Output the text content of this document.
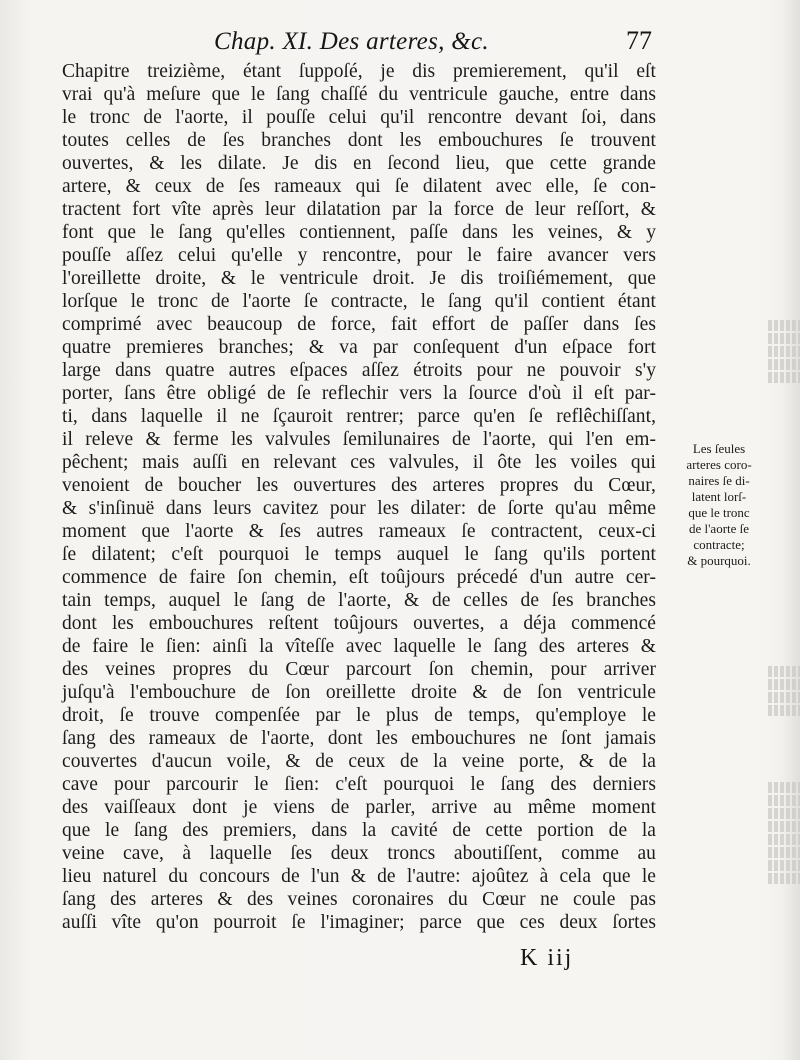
Chap. XI. Des arteres, &c.	77
Chapitre treizième, étant ſuppoſé, je dis premierement, qu'il eſt
vrai qu'à meſure que le ſang chaſſé du ventricule gauche, entre dans
le tronc de l'aorte, il pouſſe celui qu'il rencontre devant ſoi, dans
toutes celles de ſes branches dont les embouchures ſe trouvent
ouvertes, & les dilate. Je dis en ſecond lieu, que cette grande
artere, & ceux de ſes rameaux qui ſe dilatent avec elle, ſe con-
tractent fort vîte après leur dilatation par la force de leur reſſort, &
font que le ſang qu'elles contiennent, paſſe dans les veines, & y
pouſſe aſſez celui qu'elle y rencontre, pour le faire avancer vers
l'oreillette droite, & le ventricule droit. Je dis troiſiémement, que
lorſque le tronc de l'aorte ſe contracte, le ſang qu'il contient étant
comprimé avec beaucoup de force, fait effort de paſſer dans ſes
quatre premieres branches; & va par conſequent d'un eſpace fort
large dans quatre autres eſpaces aſſez étroits pour ne pouvoir s'y
porter, ſans être obligé de ſe reflechir vers la ſource d'où il eſt par-
ti, dans laquelle il ne ſçauroit rentrer; parce qu'en ſe reflêchiſſant,
il releve & ferme les valvules ſemilunaires de l'aorte, qui l'en em-
pêchent; mais auſſi en relevant ces valvules, il ôte les voiles qui
venoient de boucher les ouvertures des arteres propres du Cœur,
& s'inſinuë dans leurs cavitez pour les dilater: de ſorte qu'au même
moment que l'aorte & ſes autres rameaux ſe contractent, ceux-ci
ſe dilatent; c'eſt pourquoi le temps auquel le ſang qu'ils portent
commence de faire ſon chemin, eſt toûjours précedé d'un autre cer-
tain temps, auquel le ſang de l'aorte, & de celles de ſes branches
dont les embouchures reſtent toûjours ouvertes, a déja commencé
de faire le ſien: ainſi la vîteſſe avec laquelle le ſang des arteres &
des veines propres du Cœur parcourt ſon chemin, pour arriver
juſqu'à l'embouchure de ſon oreillette droite & de ſon ventricule
droit, ſe trouve compenſée par le plus de temps, qu'employe le
ſang des rameaux de l'aorte, dont les embouchures ne ſont jamais
couvertes d'aucun voile, & de ceux de la veine porte, & de la
cave pour parcourir le ſien: c'eſt pourquoi le ſang des derniers
des vaiſſeaux dont je viens de parler, arrive au même moment
que le ſang des premiers, dans la cavité de cette portion de la
veine cave, à laquelle ſes deux troncs aboutiſſent, comme au
lieu naturel du concours de l'un & de l'autre: ajoûtez à cela que le
ſang des arteres & des veines coronaires du Cœur ne coule pas
auſſi vîte qu'on pourroit ſe l'imaginer; parce que ces deux ſortes
Les ſeules
arteres coro-
naires ſe di-
latent lorſ-
que le tronc
de l'aorte ſe
contracte;
& pourquoi.
K iij
